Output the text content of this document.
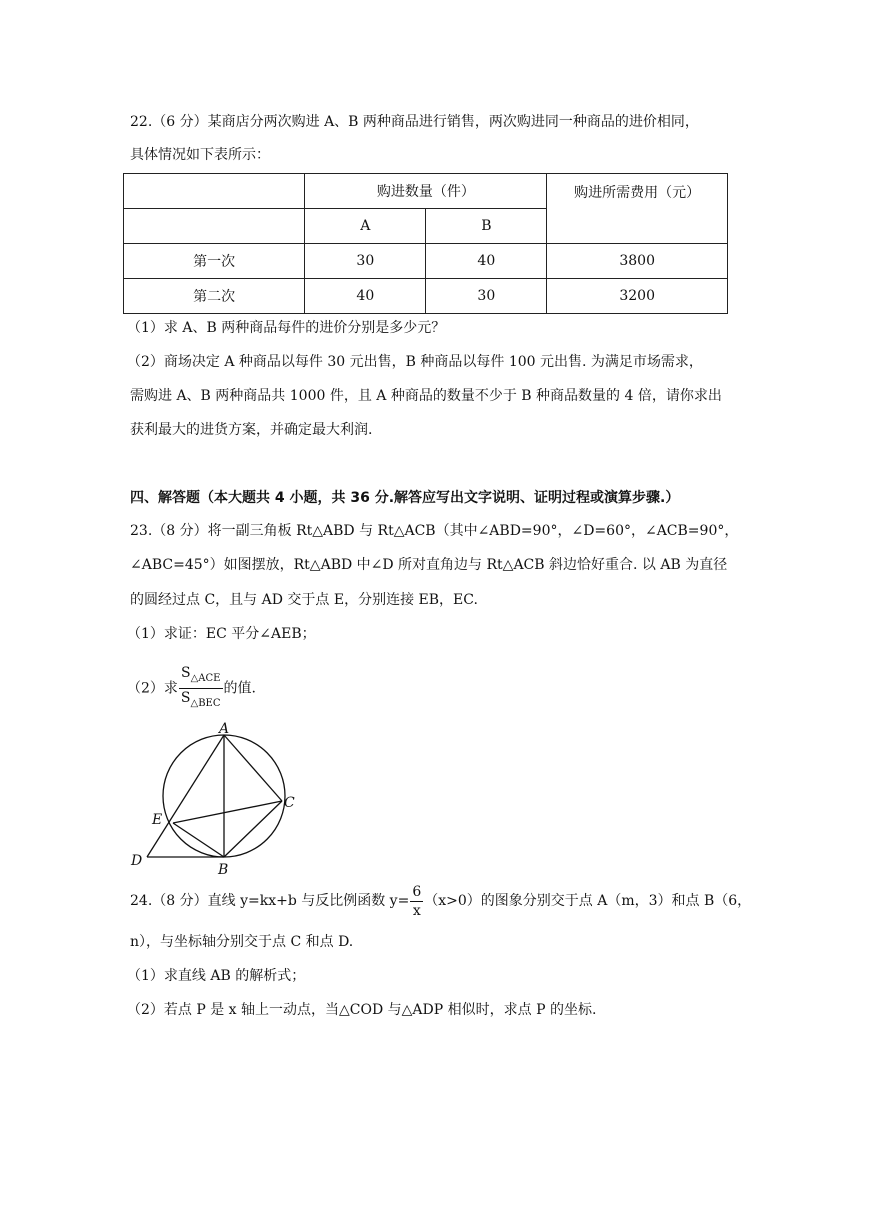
22.（6 分）某商店分两次购进 A、B 两种商品进行销售，两次购进同一种商品的进价相同，
具体情况如下表所示：
	购进数量（件）		购进所需费用（元）
	A	B	
第一次	30	40	3800
第二次	40	30	3200
（1）求 A、B 两种商品每件的进价分别是多少元？
（2）商场决定 A 种商品以每件 30 元出售，B 种商品以每件 100 元出售. 为满足市场需求，
需购进 A、B 两种商品共 1000 件，且 A 种商品的数量不少于 B 种商品数量的 4 倍，请你求出
获利最大的进货方案，并确定最大利润.
四、解答题（本大题共 4 小题，共 36 分.解答应写出文字说明、证明过程或演算步骤.）
23.（8 分）将一副三角板 Rt△ABD 与 Rt△ACB（其中∠ABD=90°，∠D=60°，∠ACB=90°，
∠ABC=45°）如图摆放，Rt△ABD 中∠D 所对直角边与 Rt△ACB 斜边恰好重合. 以 AB 为直径
的圆经过点 C，且与 AD 交于点 E，分别连接 EB，EC.
（1）求证：EC 平分∠AEB；
（2）求 $\frac{S_{\triangle ACE}}{S_{\triangle BEC}}$ 的值.
A
C
E
D
B
24.（8 分）直线 y=kx+b 与反比例函数 $y= \frac{6}{x} (x>0)$的图象分别交于点 A（m，3）和点 B（6，
n），与坐标轴分别交于点 C 和点 D.
（1）求直线 AB 的解析式；
（2）若点 P 是 x 轴上一动点，当△COD 与△ADP 相似时，求点 P 的坐标.
